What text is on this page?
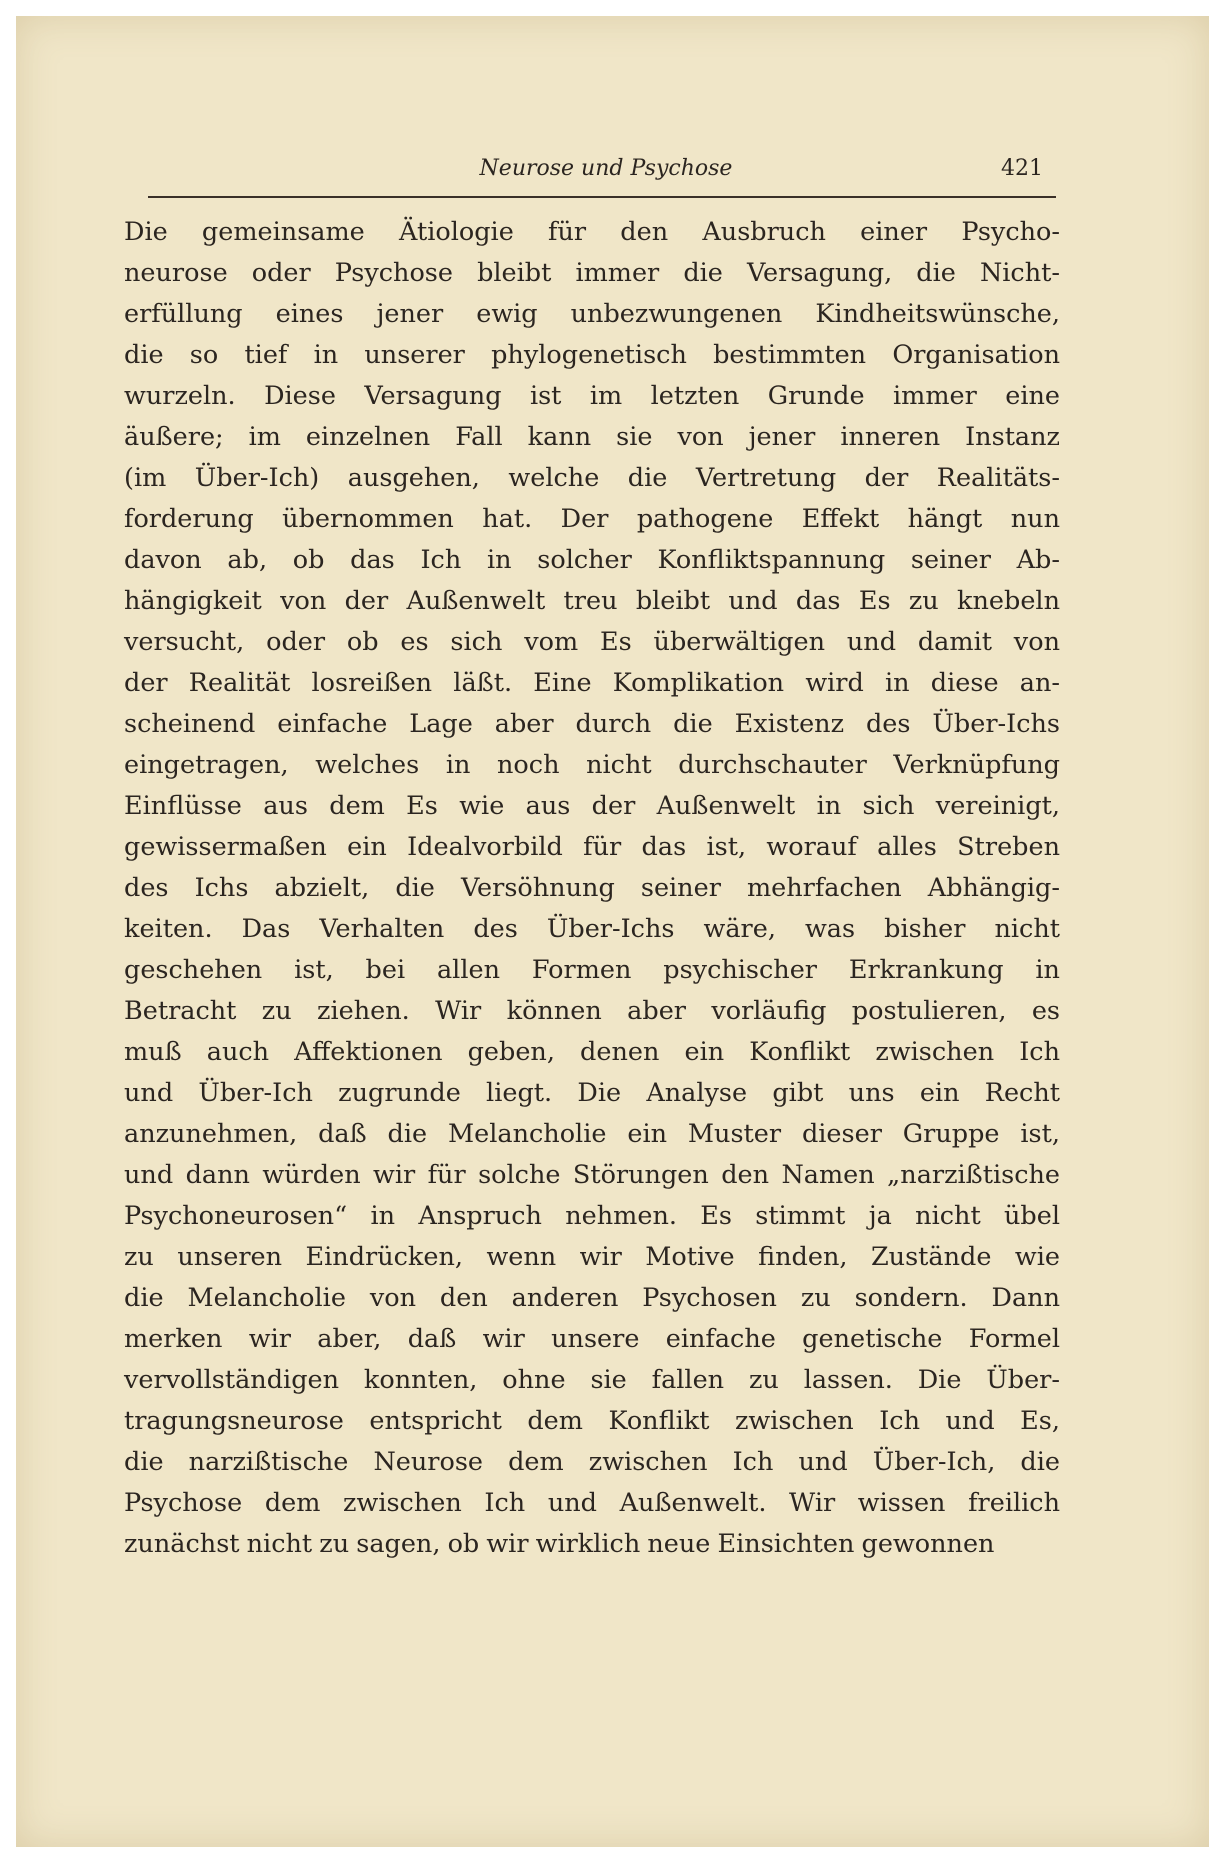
Neurose und Psychose	421
Die gemeinsame Ätiologie für den Ausbruch einer Psycho-
neurose oder Psychose bleibt immer die Versagung, die Nicht-
erfüllung eines jener ewig unbezwungenen Kindheitswünsche,
die so tief in unserer phylogenetisch bestimmten Organisation
wurzeln. Diese Versagung ist im letzten Grunde immer eine
äußere; im einzelnen Fall kann sie von jener inneren Instanz
(im Über-Ich) ausgehen, welche die Vertretung der Realitäts-
forderung übernommen hat. Der pathogene Effekt hängt nun
davon ab, ob das Ich in solcher Konfliktspannung seiner Ab-
hängigkeit von der Außenwelt treu bleibt und das Es zu knebeln
versucht, oder ob es sich vom Es überwältigen und damit von
der Realität losreißen läßt. Eine Komplikation wird in diese an-
scheinend einfache Lage aber durch die Existenz des Über-Ichs
eingetragen, welches in noch nicht durchschauter Verknüpfung
Einflüsse aus dem Es wie aus der Außenwelt in sich vereinigt,
gewissermaßen ein Idealvorbild für das ist, worauf alles Streben
des Ichs abzielt, die Versöhnung seiner mehrfachen Abhängig-
keiten. Das Verhalten des Über-Ichs wäre, was bisher nicht
geschehen ist, bei allen Formen psychischer Erkrankung in
Betracht zu ziehen. Wir können aber vorläufig postulieren, es
muß auch Affektionen geben, denen ein Konflikt zwischen Ich
und Über-Ich zugrunde liegt. Die Analyse gibt uns ein Recht
anzunehmen, daß die Melancholie ein Muster dieser Gruppe ist,
und dann würden wir für solche Störungen den Namen „narzißtische
Psychoneurosen“ in Anspruch nehmen. Es stimmt ja nicht übel
zu unseren Eindrücken, wenn wir Motive finden, Zustände wie
die Melancholie von den anderen Psychosen zu sondern. Dann
merken wir aber, daß wir unsere einfache genetische Formel
vervollständigen konnten, ohne sie fallen zu lassen. Die Über-
tragungsneurose entspricht dem Konflikt zwischen Ich und Es,
die narzißtische Neurose dem zwischen Ich und Über-Ich, die
Psychose dem zwischen Ich und Außenwelt. Wir wissen freilich
zunächst nicht zu sagen, ob wir wirklich neue Einsichten gewonnen
